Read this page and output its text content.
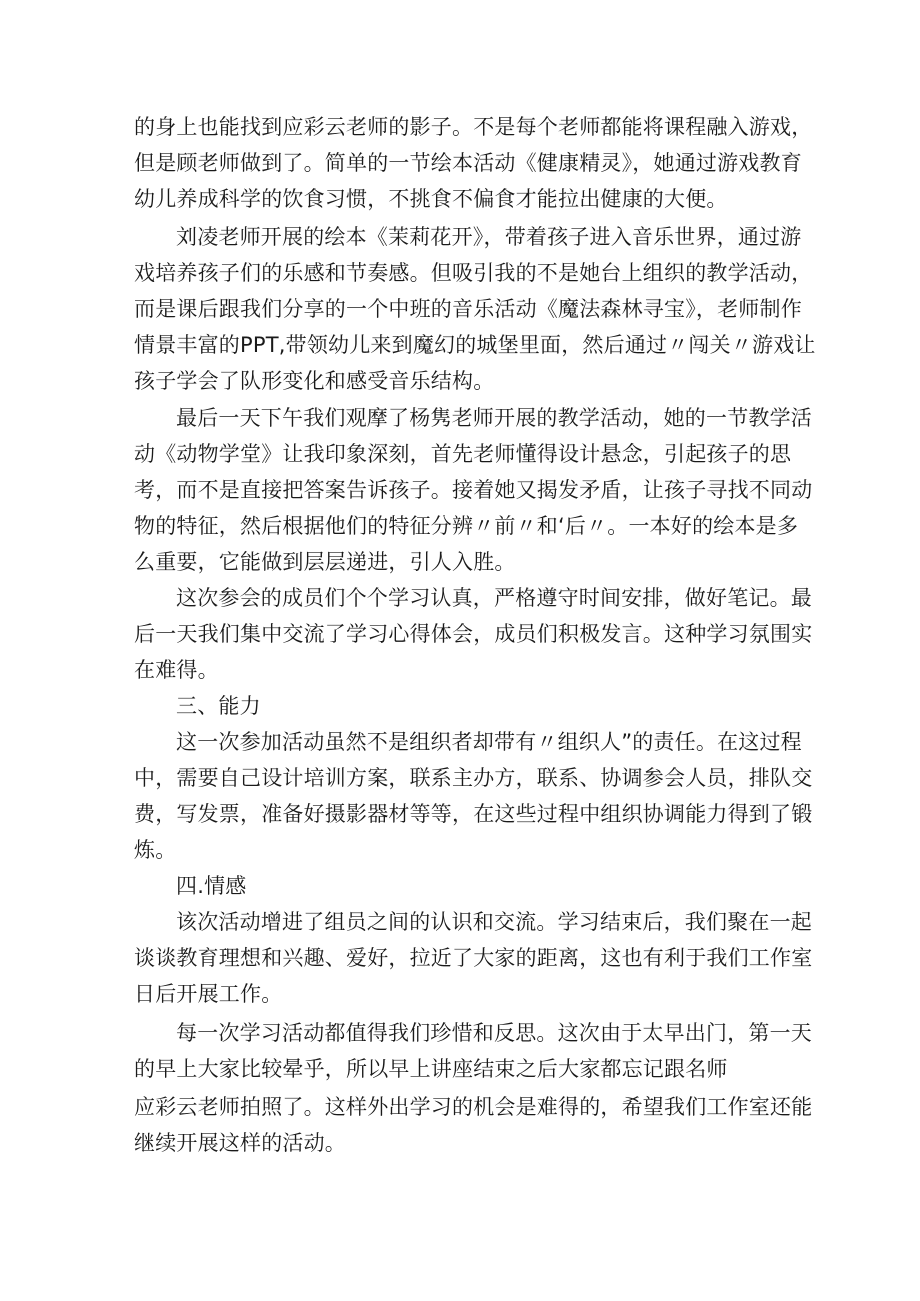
的身上也能找到应彩云老师的影子。不是每个老师都能将课程融入游戏，
但是顾老师做到了。简单的一节绘本活动《健康精灵》，她通过游戏教育
幼儿养成科学的饮食习惯，不挑食不偏食才能拉出健康的大便。
刘凌老师开展的绘本《茉莉花开》，带着孩子进入音乐世界，通过游
戏培养孩子们的乐感和节奏感。但吸引我的不是她台上组织的教学活动，
而是课后跟我们分享的一个中班的音乐活动《魔法森林寻宝》，老师制作
情景丰富的PPT,带领幼儿来到魔幻的城堡里面，然后通过〃闯关〃游戏让
孩子学会了队形变化和感受音乐结构。
最后一天下午我们观摩了杨隽老师开展的教学活动，她的一节教学活
动《动物学堂》让我印象深刻，首先老师懂得设计悬念，引起孩子的思
考，而不是直接把答案告诉孩子。接着她又揭发矛盾，让孩子寻找不同动
物的特征，然后根据他们的特征分辨〃前〃和‘后〃。一本好的绘本是多
么重要，它能做到层层递进，引人入胜。
这次参会的成员们个个学习认真，严格遵守时间安排，做好笔记。最
后一天我们集中交流了学习心得体会，成员们积极发言。这种学习氛围实
在难得。
三、能力
这一次参加活动虽然不是组织者却带有〃组织人”的责任。在这过程
中，需要自己设计培训方案，联系主办方，联系、协调参会人员，排队交
费，写发票，准备好摄影器材等等，在这些过程中组织协调能力得到了锻
炼。
四.情感
该次活动增进了组员之间的认识和交流。学习结束后，我们聚在一起
谈谈教育理想和兴趣、爱好，拉近了大家的距离，这也有利于我们工作室
日后开展工作。
每一次学习活动都值得我们珍惜和反思。这次由于太早出门，第一天
的早上大家比较晕乎，所以早上讲座结束之后大家都忘记跟名师
应彩云老师拍照了。这样外出学习的机会是难得的，希望我们工作室还能
继续开展这样的活动。
